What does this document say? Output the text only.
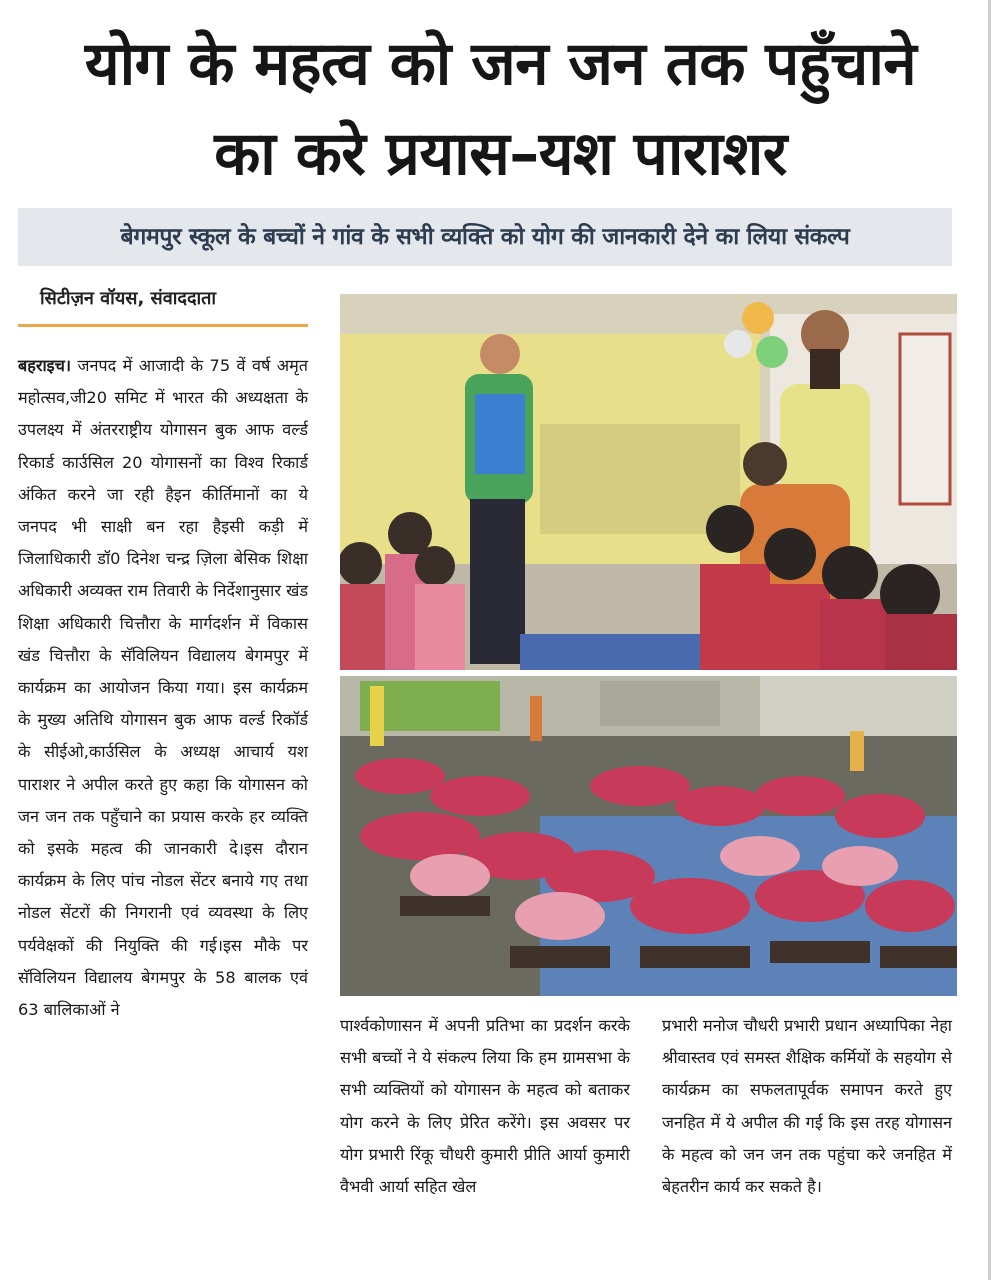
योग के महत्व को जन जन तक पहुँचाने
का करे प्रयास–यश पाराशर
बेगमपुर स्कूल के बच्चों ने गांव के सभी व्यक्ति को योग की जानकारी देने का लिया संकल्प
सिटीज़न वॉयस, संवाददाता

बहराइच। जनपद में आजादी के 75 वें वर्ष अमृत महोत्सव,जी20 समिट में भारत की अध्यक्षता के उपलक्ष्य में अंतरराष्ट्रीय योगासन बुक आफ वर्ल्ड रिकार्ड कार्उसिल 20 योगासनों का विश्व रिकार्ड अंकित करने जा रही हैइन कीर्तिमानों का ये जनपद भी साक्षी बन रहा हैइसी कड़ी में जिलाधिकारी डॉ0 दिनेश चन्द्र ज़िला बेसिक शिक्षा अधिकारी अव्यक्त राम तिवारी के निर्देशानुसार खंड शिक्षा अधिकारी चित्तौरा के मार्गदर्शन में विकास खंड चित्तौरा के सॅविलियन विद्यालय बेगमपुर में कार्यक्रम का आयोजन किया गया। इस कार्यक्रम के मुख्य अतिथि योगासन बुक आफ वर्ल्ड रिकॉर्ड के सीईओ,कार्उसिल के अध्यक्ष आचार्य यश पाराशर ने अपील करते हुए कहा कि योगासन को जन जन तक पहुँचाने का प्रयास करके हर व्यक्ति को इसके महत्व की जानकारी दे।इस दौरान कार्यक्रम के लिए पांच नोडल सेंटर बनाये गए तथा नोडल सेंटरों की निगरानी एवं व्यवस्था के लिए पर्यवेक्षकों की नियुक्ति की गई।इस मौके पर सॅविलियन विद्यालय बेगमपुर के 58 बालक एवं 63 बालिकाओं ने

पार्श्वकोणासन में अपनी प्रतिभा का प्रदर्शन करके सभी बच्चों ने ये संकल्प लिया कि हम ग्रामसभा के सभी व्यक्तियों को योगासन के महत्व को बताकर योग करने के लिए प्रेरित करेंगे। इस अवसर पर योग प्रभारी रिंकू चौधरी कुमारी प्रीति आर्या कुमारी वैभवी आर्या सहित खेल

प्रभारी मनोज चौधरी प्रभारी प्रधान अध्यापिका नेहा श्रीवास्तव एवं समस्त शैक्षिक कर्मियों के सहयोग से कार्यक्रम का सफलतापूर्वक समापन करते हुए जनहित में ये अपील की गई कि इस तरह योगासन के महत्व को जन जन तक पहुंचा करे जनहित में बेहतरीन कार्य कर सकते है।
